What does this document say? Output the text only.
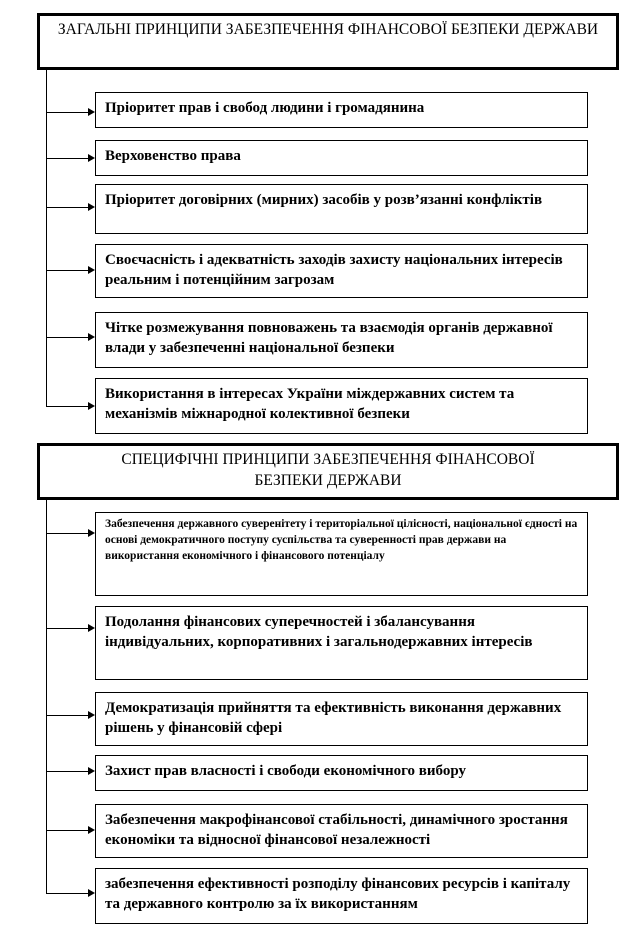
ЗАГАЛЬНІ ПРИНЦИПИ ЗАБЕЗПЕЧЕННЯ ФІНАНСОВОЇ БЕЗПЕКИ ДЕРЖАВИ
Пріоритет прав і свобод людини і громадянина
Верховенство права
Пріоритет договірних (мирних) засобів у розв’язанні конфліктів
Своєчасність і адекватність заходів захисту національних інтересів реальним і потенційним загрозам
Чітке розмежування повноважень та взаємодія органів державної влади у забезпеченні національної безпеки
Використання в інтересах України міждержавних систем та механізмів міжнародної колективної безпеки
СПЕЦИФІЧНІ ПРИНЦИПИ ЗАБЕЗПЕЧЕННЯ ФІНАНСОВОЇ БЕЗПЕКИ ДЕРЖАВИ
Забезпечення державного суверенітету і територіальної цілісності, національної єдності на основі демократичного поступу суспільства та суверенності прав держави на використання економічного і фінансового потенціалу
Подолання фінансових суперечностей і збалансування індивідуальних, корпоративних і загальнодержавних інтересів
Демократизація прийняття та ефективність виконання державних рішень у фінансовій сфері
Захист прав власності і свободи економічного вибору
Забезпечення макрофінансової стабільності, динамічного зростання економіки та відносної фінансової незалежності
забезпечення ефективності розподілу фінансових ресурсів і капіталу та державного контролю за їх використанням
